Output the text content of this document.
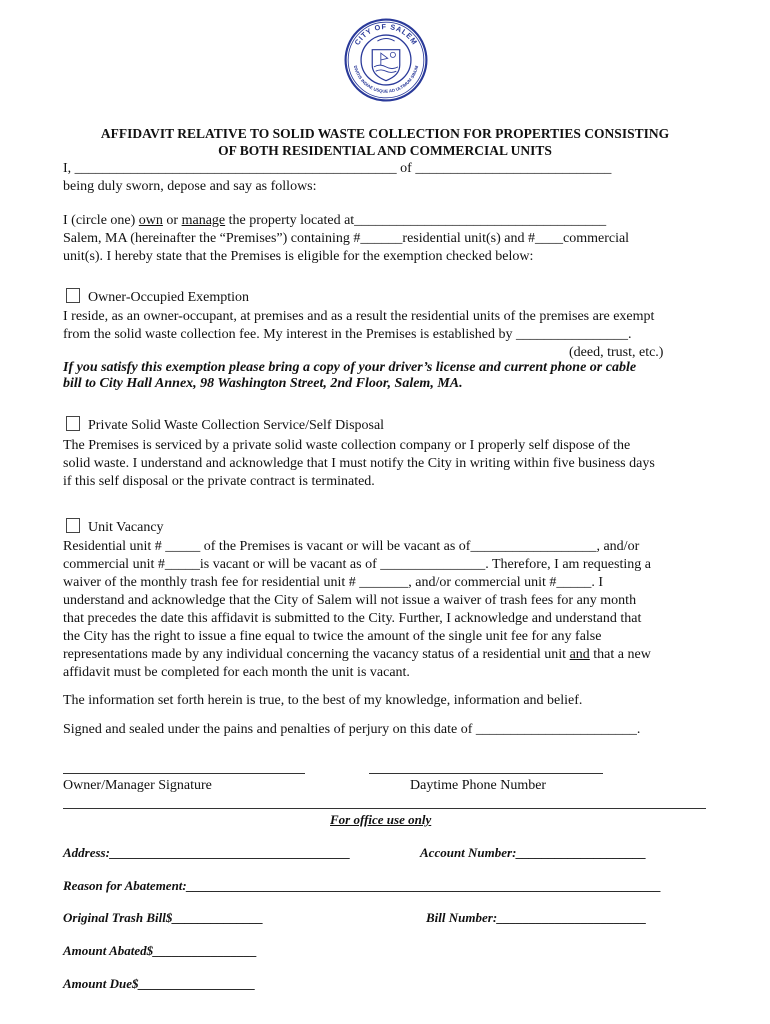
CITY OF SALEM
DIVITIS INDIAE USQUE AD ULTIMUM SINUM
AFFIDAVIT RELATIVE TO SOLID WASTE COLLECTION FOR PROPERTIES CONSISTING
OF BOTH RESIDENTIAL AND COMMERCIAL UNITS
I, ______________________________________________ of ____________________________
being duly sworn, depose and say as follows:
I (circle one) own or manage the property located at____________________________________
Salem, MA (hereinafter the “Premises”) containing #______residential unit(s) and #____commercial
unit(s). I hereby state that the Premises is eligible for the exemption checked below:
Owner-Occupied Exemption
I reside, as an owner-occupant, at premises and as a result the residential units of the premises are exempt
from the solid waste collection fee. My interest in the Premises is established by ________________.
(deed, trust, etc.)
If you satisfy this exemption please bring a copy of your driver’s license and current phone or cable
bill to City Hall Annex, 98 Washington Street, 2nd Floor, Salem, MA.
Private Solid Waste Collection Service/Self Disposal
The Premises is serviced by a private solid waste collection company or I properly self dispose of the
solid waste. I understand and acknowledge that I must notify the City in writing within five business days
if this self disposal or the private contract is terminated.
Unit Vacancy
Residential unit # _____ of the Premises is vacant or will be vacant as of__________________, and/or
commercial unit #_____is vacant or will be vacant as of _______________. Therefore, I am requesting a
waiver of the monthly trash fee for residential unit # _______, and/or commercial unit #_____. I
understand and acknowledge that the City of Salem will not issue a waiver of trash fees for any month
that precedes the date this affidavit is submitted to the City. Further, I acknowledge and understand that
the City has the right to issue a fine equal to twice the amount of the single unit fee for any false
representations made by any individual concerning the vacancy status of a residential unit and that a new
affidavit must be completed for each month the unit is vacant.
The information set forth herein is true, to the best of my knowledge, information and belief.
Signed and sealed under the pains and penalties of perjury on this date of _______________________.
Owner/Manager Signature	Daytime Phone Number
For office use only
Address:_____________________________________	Account Number:____________________
Reason for Abatement:_________________________________________________________________________
Original Trash Bill$______________	Bill Number:_______________________
Amount Abated$________________
Amount Due$__________________
